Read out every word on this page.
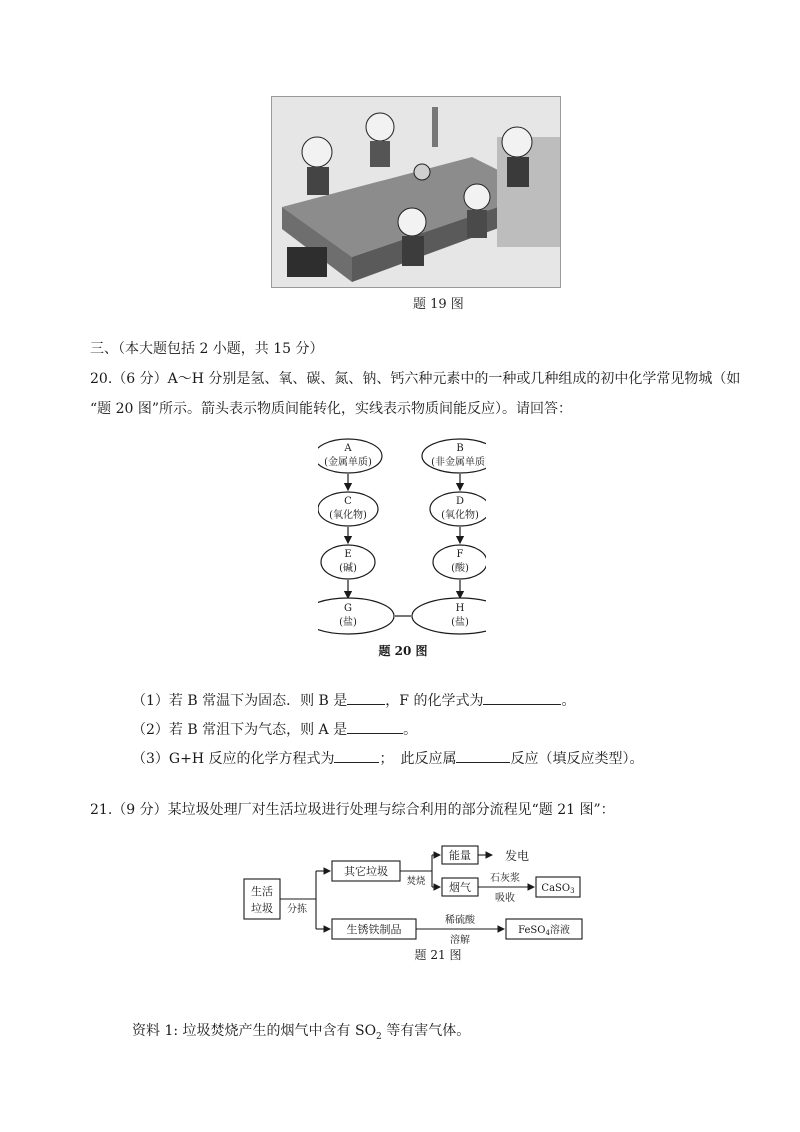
题 19 图
三、（本大题包括 2 小题，共 15 分）
20.（6 分）A～H 分别是氢、氧、碳、氮、钠、钙六种元素中的一种或几种组成的初中化学常见物城（如
“题 20 图”所示。箭头表示物质间能转化，实线表示物质间能反应）。请回答：
A
(金属单质)
B
(非金属单质)
C
(氧化物)
D
(氧化物)
E
(碱)
F
(酸)
G
(盐)
H
(盐)
题 20 图
（1）若 B 常温下为固态．则 B 是	，F 的化学式为	。
（2）若 B 常沮下为气态，则 A 是	。
（3）G+H 反应的化学方程式为	；　此反应属	反应（填反应类型）。
21.（9 分）某垃圾处理厂对生活垃圾进行处理与综合利用的部分流程见“题 21 图”：
生活
垃圾 分拣
其它垃圾
焚烧
能量	发电
烟气
石灰浆
吸收
CaSO$_3$
生锈铁制品
稀硫酸
溶解
FeSO$_4$溶液
题 21 图
资料 1: 垃圾焚烧产生的烟气中含有 $SO_2$ 等有害气体。
